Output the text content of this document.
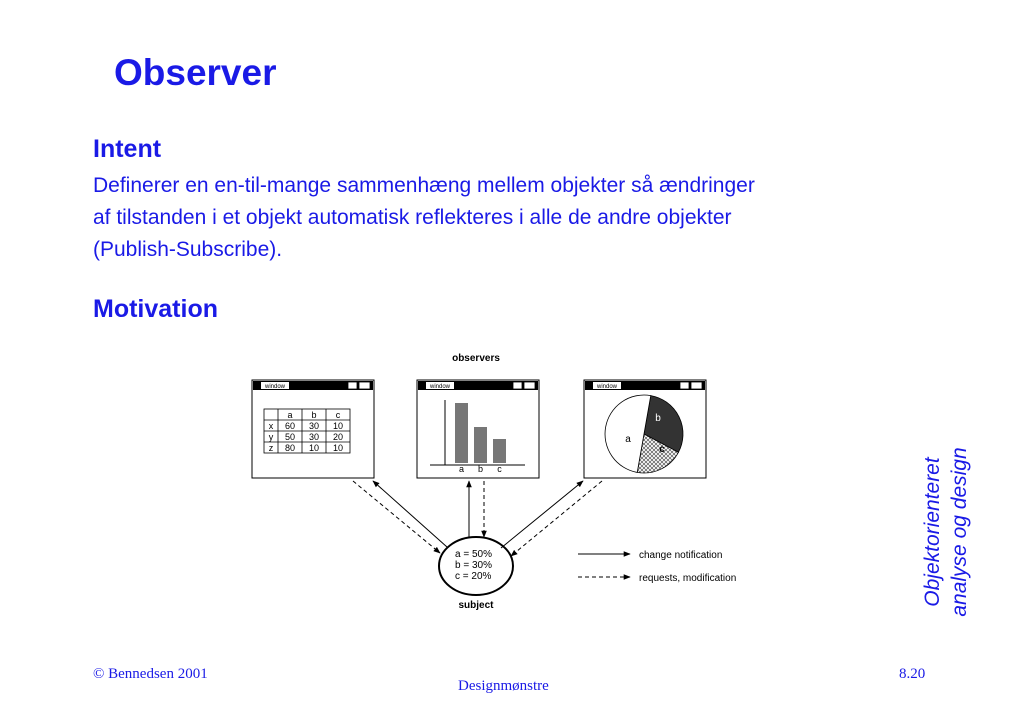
Observer
Intent
Definerer en en-til-mange sammenhæng mellem objekter så ændringer
af tilstanden i et objekt automatisk reflekteres i alle de andre objekter
(Publish-Subscribe).
Motivation
observers
window
a b c
x 60 30 10
y 50 30 20
z 80 10 10
window
a b c
window
a
b
c
a = 50%
b = 30%
c = 20%
subject
change notification
requests, modification	Objektorienteret analyse og design
© Bennedsen 2001
Designmønstre
8.20
